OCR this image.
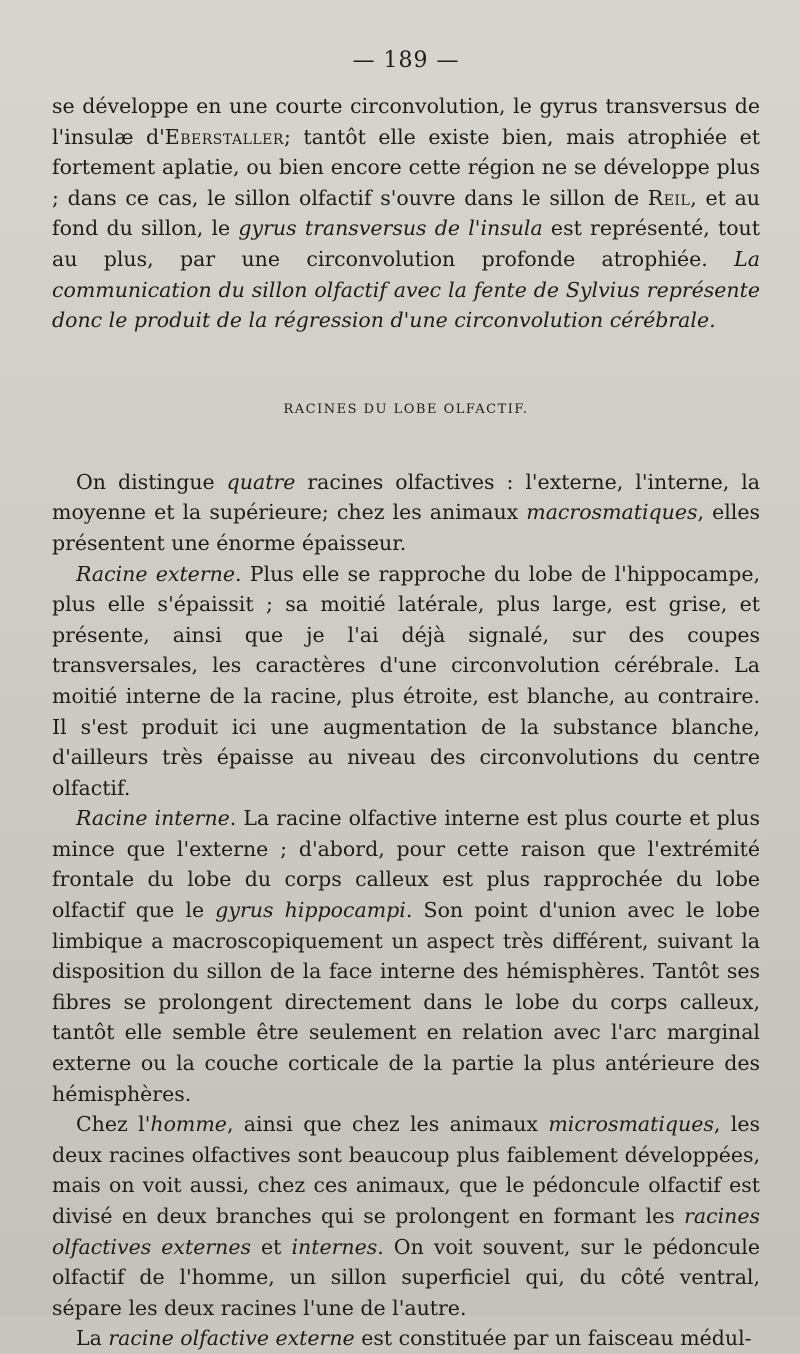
— 189 —

se développe en une courte circonvolution, le gyrus transversus de l'insulæ d'Eberstaller; tantôt elle existe bien, mais atrophiée et fortement aplatie, ou bien encore cette région ne se développe plus ; dans ce cas, le sillon olfactif s'ouvre dans le sillon de Reil, et au fond du sillon, le gyrus transversus de l'insula est représenté, tout au plus, par une circonvolution profonde atrophiée. La communication du sillon olfactif avec la fente de Sylvius représente donc le produit de la régression d'une circonvolution cérébrale.

RACINES DU LOBE OLFACTIF.

On distingue quatre racines olfactives : l'externe, l'interne, la moyenne et la supérieure; chez les animaux macrosmatiques, elles présentent une énorme épaisseur.

Racine externe. Plus elle se rapproche du lobe de l'hippocampe, plus elle s'épaissit ; sa moitié latérale, plus large, est grise, et présente, ainsi que je l'ai déjà signalé, sur des coupes transversales, les caractères d'une circonvolution cérébrale. La moitié interne de la racine, plus étroite, est blanche, au contraire. Il s'est produit ici une augmentation de la substance blanche, d'ailleurs très épaisse au niveau des circonvolutions du centre olfactif.

Racine interne. La racine olfactive interne est plus courte et plus mince que l'externe ; d'abord, pour cette raison que l'extrémité frontale du lobe du corps calleux est plus rapprochée du lobe olfactif que le gyrus hippocampi. Son point d'union avec le lobe limbique a macroscopiquement un aspect très différent, suivant la disposition du sillon de la face interne des hémisphères. Tantôt ses fibres se prolongent directement dans le lobe du corps calleux, tantôt elle semble être seulement en relation avec l'arc marginal externe ou la couche corticale de la partie la plus antérieure des hémisphères.

Chez l'homme, ainsi que chez les animaux microsmatiques, les deux racines olfactives sont beaucoup plus faiblement développées, mais on voit aussi, chez ces animaux, que le pédoncule olfactif est divisé en deux branches qui se prolongent en formant les racines olfactives externes et internes. On voit souvent, sur le pédoncule olfactif de l'homme, un sillon superficiel qui, du côté ventral, sépare les deux racines l'une de l'autre.

La racine olfactive externe est constituée par un faisceau médul-
